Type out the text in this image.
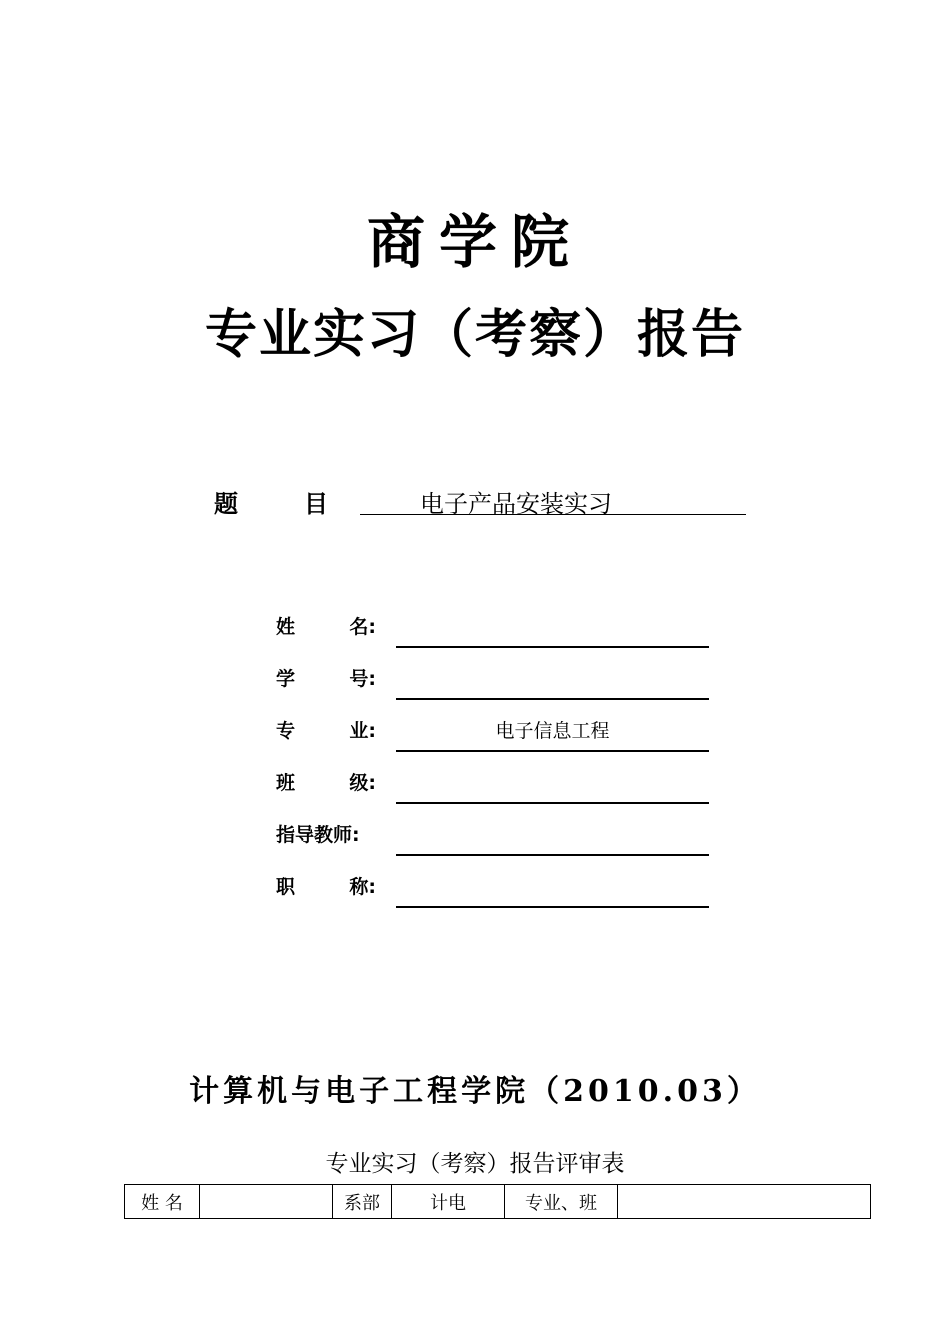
商学院
专业实习（考察）报告
题	目	电子产品安装实习
姓	名:
学	号:
专	业:	电子信息工程
班	级:
指导教师:
职	称:
计算机与电子工程学院（2010.03）
专业实习（考察）报告评审表
姓 名		系部	计电	专业、班	
